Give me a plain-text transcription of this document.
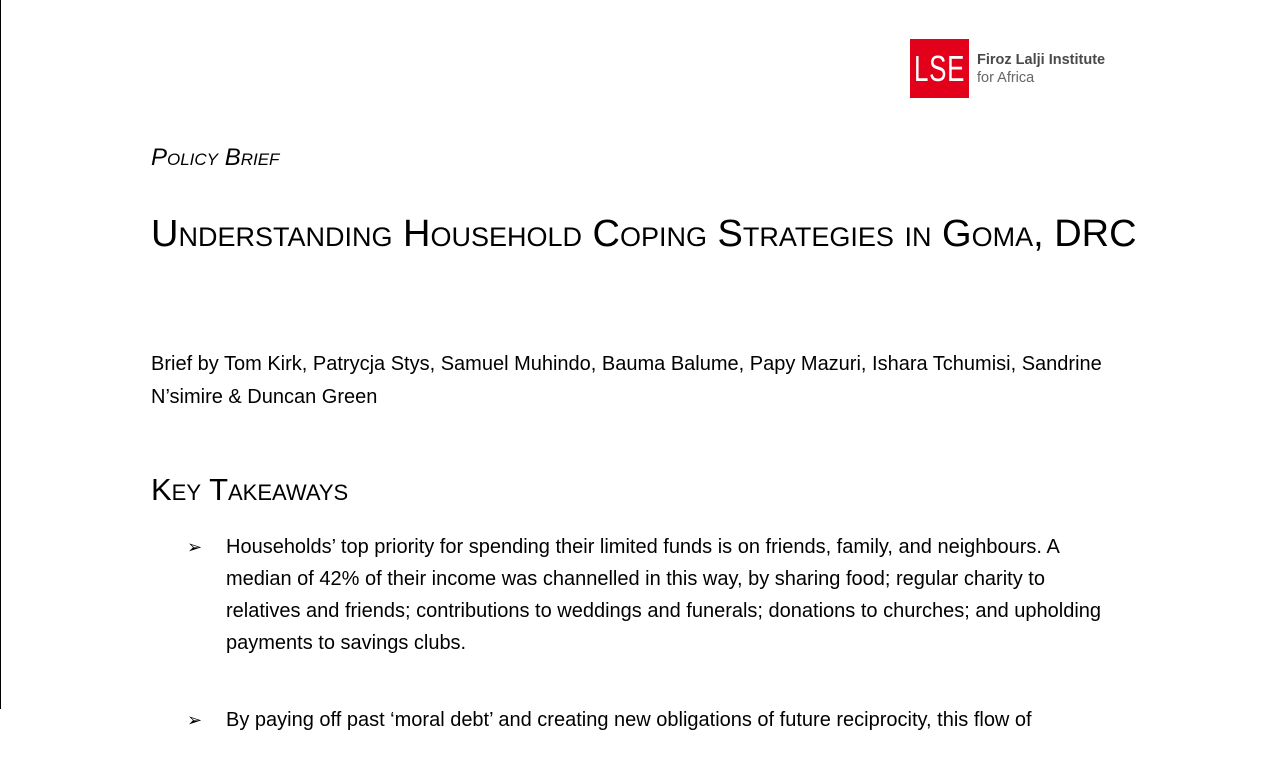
LSE Firoz Lalji Institute
for Africa
Policy Brief
Understanding Household Coping Strategies in Goma, DRC
Brief by Tom Kirk, Patrycja Stys, Samuel Muhindo, Bauma Balume, Papy Mazuri, Ishara Tchumisi, Sandrine N’simire & Duncan Green
Key Takeaways
➢	Households’ top priority for spending their limited funds is on friends, family, and neighbours. A median of 42% of their income was channelled in this way, by sharing food; regular charity to relatives and friends; contributions to weddings and funerals; donations to churches; and upholding payments to savings clubs.
➢	By paying off past ‘moral debt’ and creating new obligations of future reciprocity, this flow of
